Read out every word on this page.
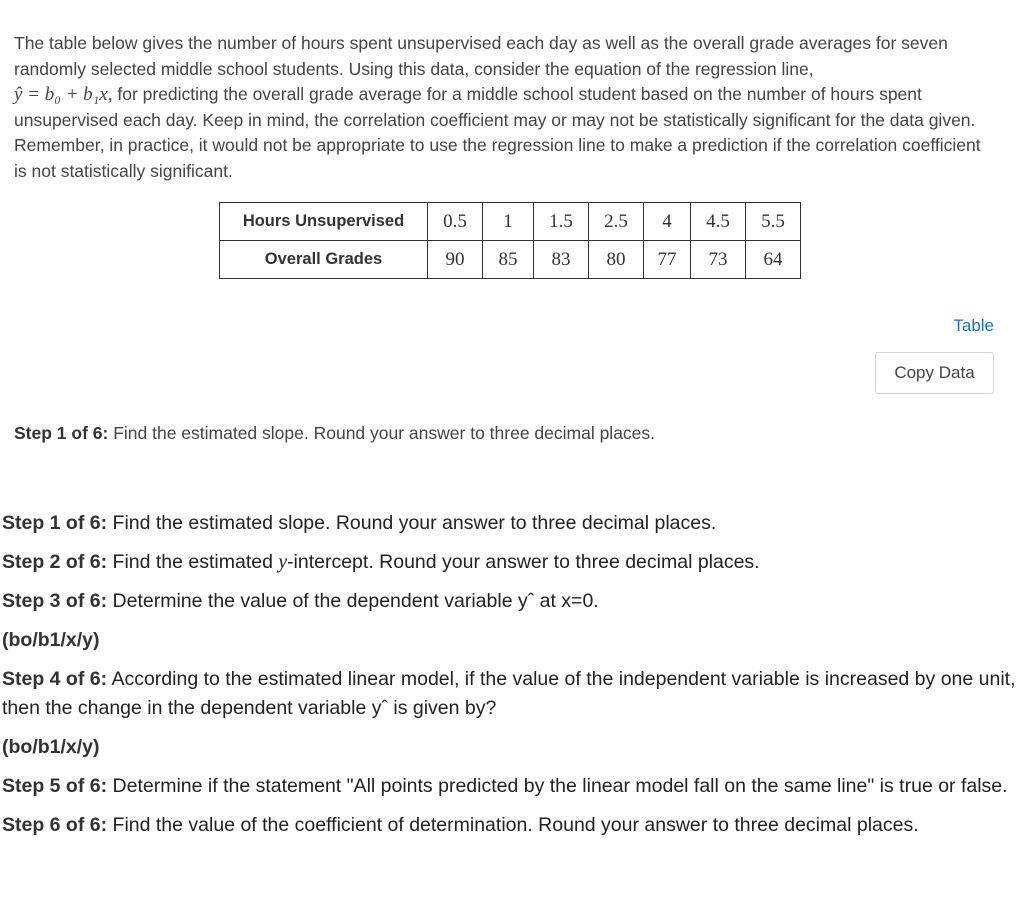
The table below gives the number of hours spent unsupervised each day as well as the overall grade averages for seven randomly selected middle school students. Using this data, consider the equation of the regression line,
ŷ = b₀ + b₁x, for predicting the overall grade average for a middle school student based on the number of hours spent unsupervised each day. Keep in mind, the correlation coefficient may or may not be statistically significant for the data given. Remember, in practice, it would not be appropriate to use the regression line to make a prediction if the correlation coefficient is not statistically significant.
Hours Unsupervised	0.5	1	1.5	2.5	4	4.5	5.5
Overall Grades	90	85	83	80	77	73	64
Table
Copy Data
Step 1 of 6: Find the estimated slope. Round your answer to three decimal places.

Step 1 of 6: Find the estimated slope. Round your answer to three decimal places.

Step 2 of 6: Find the estimated y-intercept. Round your answer to three decimal places.

Step 3 of 6: Determine the value of the dependent variable yˆ at x=0.

(bo/b1/x/y)

Step 4 of 6: According to the estimated linear model, if the value of the independent variable is increased by one unit, then the change in the dependent variable yˆ is given by?

(bo/b1/x/y)

Step 5 of 6: Determine if the statement "All points predicted by the linear model fall on the same line" is true or false.

Step 6 of 6: Find the value of the coefficient of determination. Round your answer to three decimal places.
